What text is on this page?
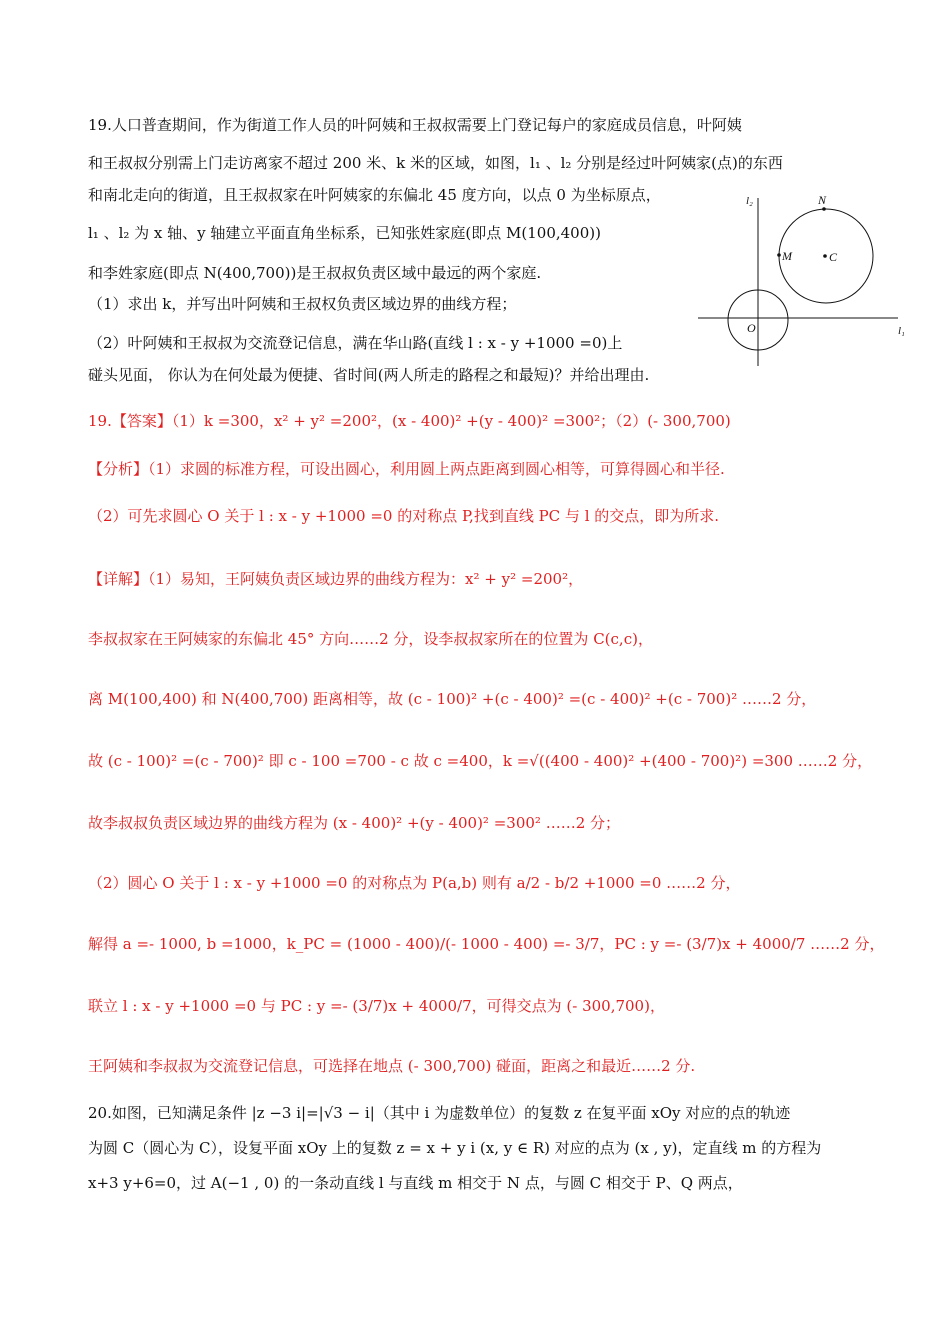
19.人口普查期间，作为街道工作人员的叶阿姨和王叔叔需要上门登记每户的家庭成员信息，叶阿姨
和王叔叔分别需上门走访离家不超过 200 米、k 米的区域，如图，l₁ 、l₂ 分别是经过叶阿姨家(点)的东西
和南北走向的街道，且王叔叔家在叶阿姨家的东偏北 45 度方向，以点 0 为坐标原点，
l₁ 、l₂ 为 x 轴、y 轴建立平面直角坐标系，已知张姓家庭(即点 M(100,400))
和李姓家庭(即点 N(400,700))是王叔叔负责区域中最远的两个家庭.
（1）求出 k，并写出叶阿姨和王叔权负责区域边界的曲线方程；
（2）叶阿姨和王叔叔为交流登记信息，满在华山路(直线 l : x - y +1000 =0)上
碰头见面， 你认为在何处最为便捷、省时间(两人所走的路程之和最短)？并给出理由.
l₂
l₁
O
M
N
C
19.【答案】（1）k =300，x² + y² =200²，(x - 400)² +(y - 400)² =300²；（2）(- 300,700)
【分析】（1）求圆的标准方程，可设出圆心，利用圆上两点距离到圆心相等，可算得圆心和半径.
（2）可先求圆心 O 关于 l : x - y +1000 =0 的对称点 P,找到直线 PC 与 l 的交点，即为所求.
【详解】（1）易知，王阿姨负责区域边界的曲线方程为：x² + y² =200²，
李叔叔家在王阿姨家的东偏北 45° 方向……2 分，设李叔叔家所在的位置为 C(c,c)，
离 M(100,400) 和 N(400,700) 距离相等，故 (c - 100)² +(c - 400)² =(c - 400)² +(c - 700)² ……2 分，
故 (c - 100)² =(c - 700)² 即 c - 100 =700 - c 故 c =400，k =√((400 - 400)² +(400 - 700)²) =300 ……2 分，
故李叔叔负责区域边界的曲线方程为 (x - 400)² +(y - 400)² =300² ……2 分；
（2）圆心 O 关于 l : x - y +1000 =0 的对称点为 P(a,b) 则有 a/2 - b/2 +1000 =0 ……2 分，
解得 a =- 1000, b =1000，k_PC = (1000 - 400)/(- 1000 - 400) =- 3/7，PC : y =- (3/7)x + 4000/7 ……2 分，
联立 l : x - y +1000 =0 与 PC : y =- (3/7)x + 4000/7，可得交点为 (- 300,700)，
王阿姨和李叔叔为交流登记信息，可选择在地点 (- 300,700) 碰面，距离之和最近……2 分.
20.如图，已知满足条件 |z −3 i|=|√3 − i|（其中 i 为虚数单位）的复数 z 在复平面 xOy 对应的点的轨迹
为圆 C（圆心为 C），设复平面 xOy 上的复数 z = x + y i (x, y ∈ R) 对应的点为 (x , y)，定直线 m 的方程为
x+3 y+6=0，过 A(−1 , 0) 的一条动直线 l 与直线 m 相交于 N 点，与圆 C 相交于 P、Q 两点，
